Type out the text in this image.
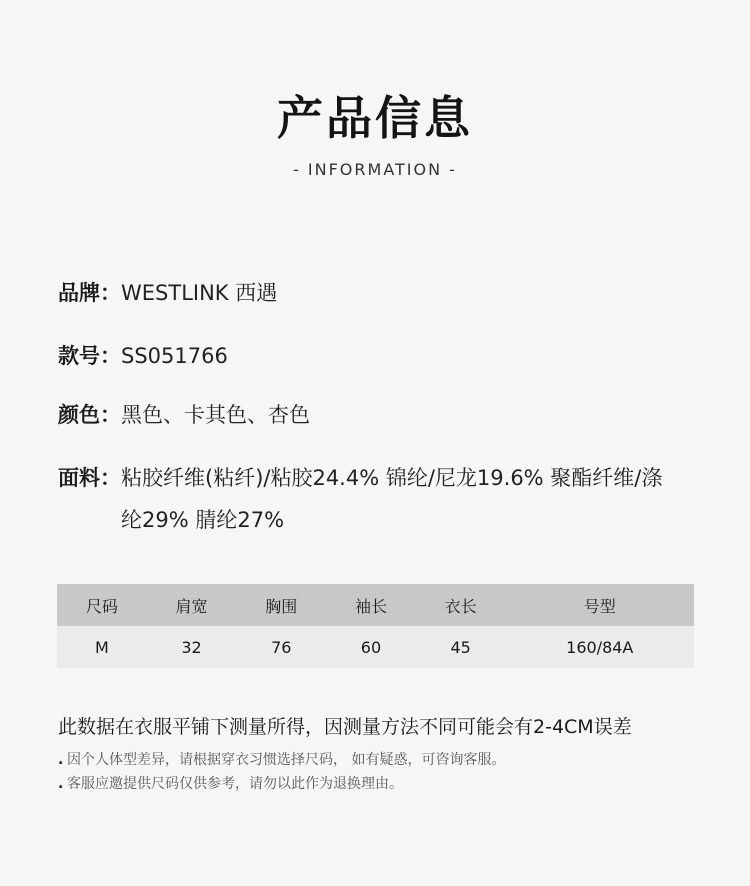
产品信息
- INFORMATION -
品牌： WESTLINK 西遇
款号： SS051766
颜色： 黑色、卡其色、杏色
面料： 粘胶纤维(粘纤)/粘胶24.4% 锦纶/尼龙19.6% 聚酯纤维/涤纶29% 腈纶27%
尺码	肩宽	胸围	袖长	衣长	号型
M	32	76	60	45	160/84A
此数据在衣服平铺下测量所得，因测量方法不同可能会有2-4CM误差
. 因个人体型差异，请根据穿衣习惯选择尺码， 如有疑惑，可咨询客服。
. 客服应邀提供尺码仅供参考，请勿以此作为退换理由。
